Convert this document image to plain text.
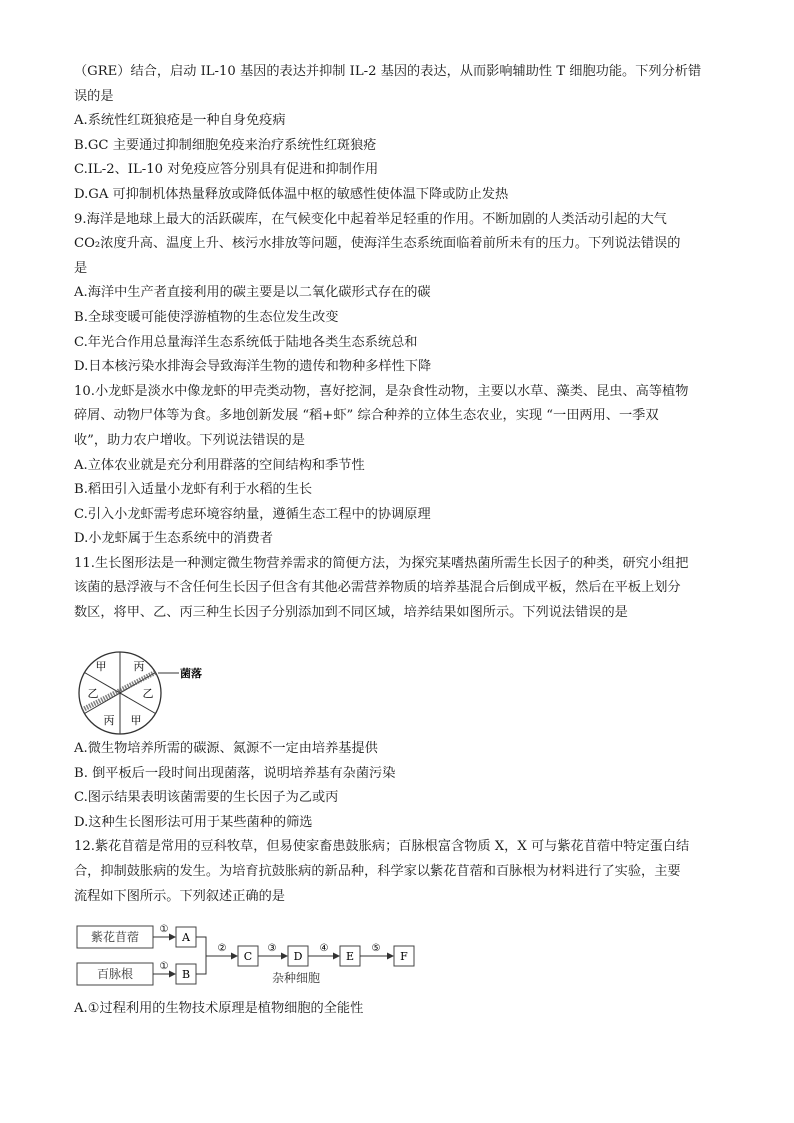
（GRE）结合，启动 IL-10 基因的表达并抑制 IL-2 基因的表达，从而影响辅助性 T 细胞功能。下列分析错
误的是
A.系统性红斑狼疮是一种自身免疫病
B.GC 主要通过抑制细胞免疫来治疗系统性红斑狼疮
C.IL-2、IL-10 对免疫应答分别具有促进和抑制作用
D.GA 可抑制机体热量释放或降低体温中枢的敏感性使体温下降或防止发热
9.海洋是地球上最大的活跃碳库，在气候变化中起着举足轻重的作用。不断加剧的人类活动引起的大气
CO₂浓度升高、温度上升、核污水排放等问题，使海洋生态系统面临着前所未有的压力。下列说法错误的
是
A.海洋中生产者直接利用的碳主要是以二氧化碳形式存在的碳
B.全球变暖可能使浮游植物的生态位发生改变
C.年光合作用总量海洋生态系统低于陆地各类生态系统总和
D.日本核污染水排海会导致海洋生物的遗传和物种多样性下降
10.小龙虾是淡水中像龙虾的甲壳类动物，喜好挖洞，是杂食性动物，主要以水草、藻类、昆虫、高等植物
碎屑、动物尸体等为食。多地创新发展 “稻+虾” 综合种养的立体生态农业，实现 “一田两用、一季双
收”，助力农户增收。下列说法错误的是
A.立体农业就是充分利用群落的空间结构和季节性
B.稻田引入适量小龙虾有利于水稻的生长
C.引入小龙虾需考虑环境容纳量，遵循生态工程中的协调原理
D.小龙虾属于生态系统中的消费者
11.生长图形法是一种测定微生物营养需求的简便方法，为探究某嗜热菌所需生长因子的种类，研究小组把
该菌的悬浮液与不含任何生长因子但含有其他必需营养物质的培养基混合后倒成平板，然后在平板上划分
数区，将甲、乙、丙三种生长因子分别添加到不同区域，培养结果如图所示。下列说法错误的是
甲 丙
乙	乙
丙 甲
菌落
A.微生物培养所需的碳源、氮源不一定由培养基提供
B. 倒平板后一段时间出现菌落，说明培养基有杂菌污染
C.图示结果表明该菌需要的生长因子为乙或丙
D.这种生长图形法可用于某些菌种的筛选
12.紫花苜蓿是常用的豆科牧草，但易使家畜患鼓胀病；百脉根富含物质 X，X 可与紫花苜蓿中特定蛋白结
合，抑制鼓胀病的发生。为培育抗鼓胀病的新品种，科学家以紫花苜蓿和百脉根为材料进行了实验，主要
流程如下图所示。下列叙述正确的是
紫花苜蓿
百脉根
①
①
A
B
②
C
③
D
杂种细胞
④
E
⑤
F
A.①过程利用的生物技术原理是植物细胞的全能性
